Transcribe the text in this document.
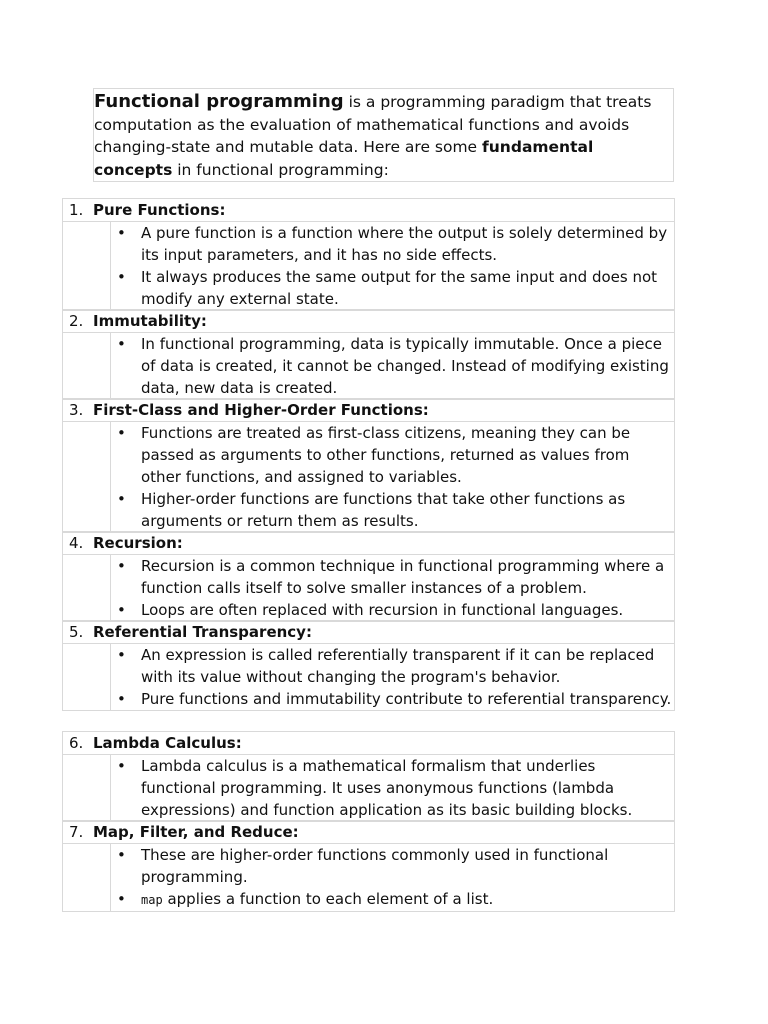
Functional programming is a programming paradigm that treats computation as the evaluation of mathematical functions and avoids changing-state and mutable data. Here are some fundamental concepts in functional programming:
1. Pure Functions:
• A pure function is a function where the output is solely determined by its input parameters, and it has no side effects.
• It always produces the same output for the same input and does not modify any external state.
2. Immutability:
• In functional programming, data is typically immutable. Once a piece of data is created, it cannot be changed. Instead of modifying existing data, new data is created.
3. First-Class and Higher-Order Functions:
• Functions are treated as first-class citizens, meaning they can be passed as arguments to other functions, returned as values from other functions, and assigned to variables.
• Higher-order functions are functions that take other functions as arguments or return them as results.
4. Recursion:
• Recursion is a common technique in functional programming where a function calls itself to solve smaller instances of a problem.
• Loops are often replaced with recursion in functional languages.
5. Referential Transparency:
• An expression is called referentially transparent if it can be replaced with its value without changing the program's behavior.
• Pure functions and immutability contribute to referential transparency.
6. Lambda Calculus:
• Lambda calculus is a mathematical formalism that underlies functional programming. It uses anonymous functions (lambda expressions) and function application as its basic building blocks.
7. Map, Filter, and Reduce:
• These are higher-order functions commonly used in functional programming.
• map applies a function to each element of a list.
